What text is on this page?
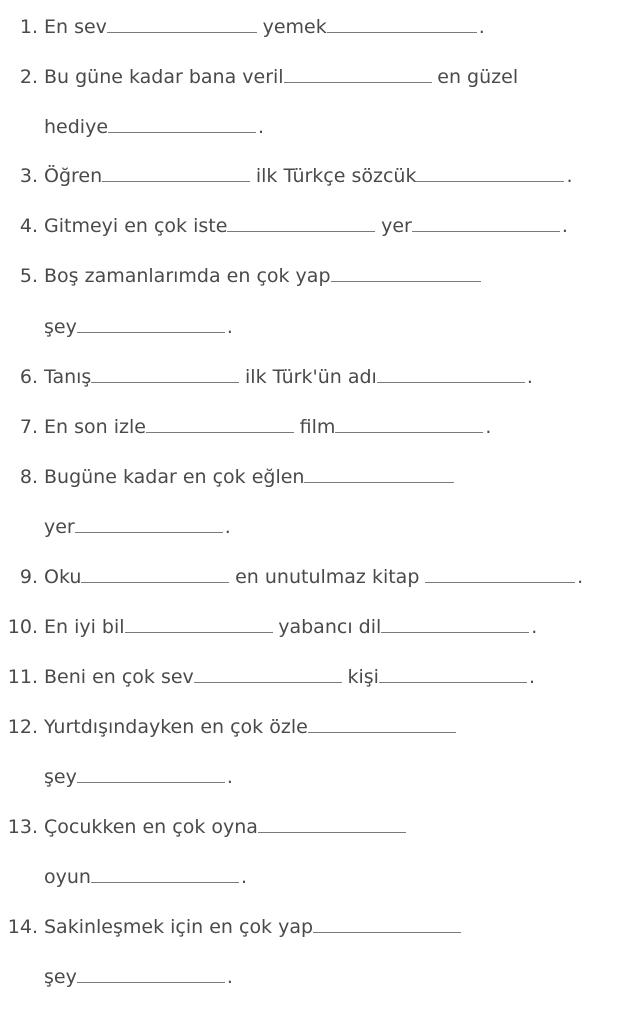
1. En sev	yemek	.
2. Bu güne kadar bana veril	en güzel
hediye	.
3. Öğren	ilk Türkçe sözcük	.
4. Gitmeyi en çok iste	yer	.
5. Boş zamanlarımda en çok yap
şey	.
6. Tanış	ilk Türk'ün adı	.
7. En son izle	film	.
8. Bugüne kadar en çok eğlen
yer	.
9. Oku	en unutulmaz kitap	.
10. En iyi bil	yabancı dil	.
11. Beni en çok sev	kişi	.
12. Yurtdışındayken en çok özle
şey	.
13. Çocukken en çok oyna
oyun	.
14. Sakinleşmek için en çok yap
şey	.
